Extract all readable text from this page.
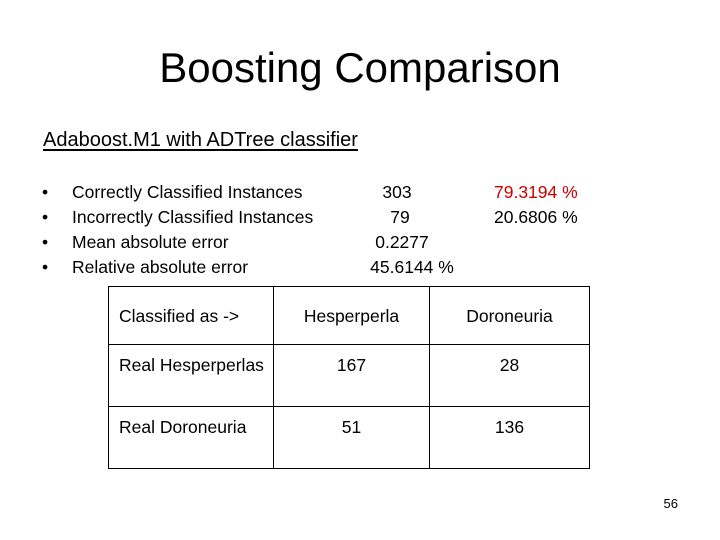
Boosting Comparison
Adaboost.M1 with ADTree classifier
• Correctly Classified Instances	303	79.3194 %
• Incorrectly Classified Instances	79	20.6806 %
• Mean absolute error	0.2277
• Relative absolute error	45.6144 %
Classified as ->	Hesperperla	Doroneuria
Real Hesperperlas	167	28
Real Doroneuria	51	136
56
